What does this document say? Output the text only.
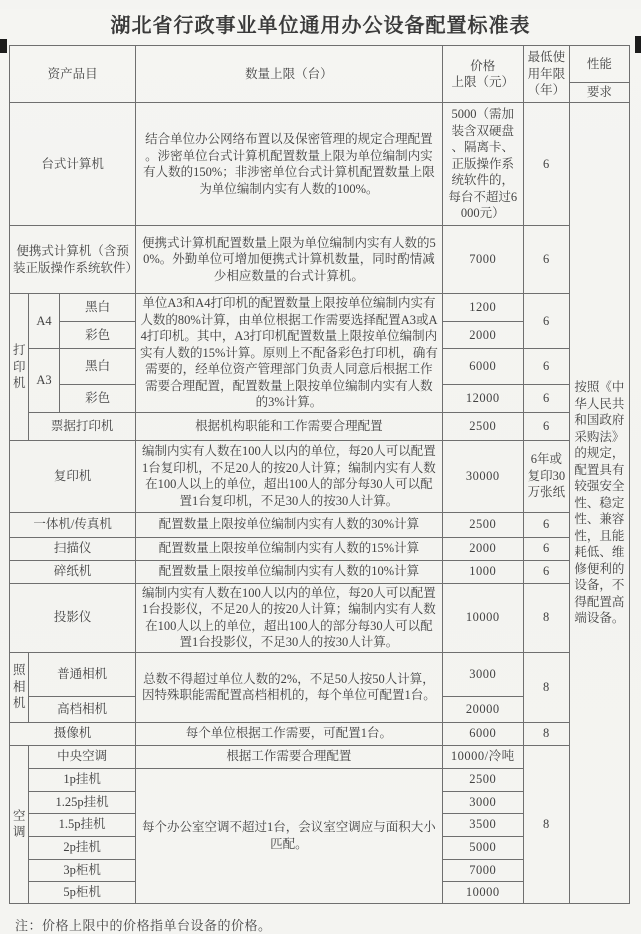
湖北省行政事业单位通用办公设备配置标准表
资产品目			数量上限（台）	价格
上限（元）	最低使用年限（年）	性能
						要求
台式计算机			结合单位办公网络布置以及保密管理的规定合理配置。涉密单位台式计算机配置数量上限为单位编制内实有人数的150%；非涉密单位台式计算机配置数量上限为单位编制内实有人数的100%。	5000（需加装含双硬盘、隔离卡、正版操作系统软件的，每台不超过6000元）	6	按照《中华人民共和国政府采购法》的规定，配置具有较强安全性、稳定性、兼容性，且能耗低、维修便利的设备，不得配置高端设备。
便携式计算机（含预装正版操作系统软件）			便携式计算机配置数量上限为单位编制内实有人数的50%。外勤单位可增加便携式计算机数量，同时酌情减少相应数量的台式计算机。	7000	6	
打印机	A4	黑白	单位A3和A4打印机的配置数量上限按单位编制内实有人数的80%计算，由单位根据工作需要选择配置A3或A4打印机。其中，A3打印机配置数量上限按单位编制内实有人数的15%计算。原则上不配备彩色打印机，确有需要的，经单位资产管理部门负责人同意后根据工作需要合理配置，配置数量上限按单位编制内实有人数的3%计算。	1200	6	
		彩色		2000		
	A3	黑白		6000	6	
		彩色		12000	6	
	票据打印机		根据机构职能和工作需要合理配置	2500	6	
复印机			编制内实有人数在100人以内的单位，每20人可以配置1台复印机，不足20人的按20人计算；编制内实有人数在100人以上的单位，超出100人的部分每30人可以配置1台复印机，不足30人的按30人计算。	30000	6年或复印30万张纸	
一体机/传真机			配置数量上限按单位编制内实有人数的30%计算	2500	6	
扫描仪			配置数量上限按单位编制内实有人数的15%计算	2000	6	
碎纸机			配置数量上限按单位编制内实有人数的10%计算	1000	6	
投影仪			编制内实有人数在100人以内的单位，每20人可以配置1台投影仪，不足20人的按20人计算；编制内实有人数在100人以上的单位，超出100人的部分每30人可以配置1台投影仪，不足30人的按30人计算。	10000	8	
照相机	普通相机		总数不得超过单位人数的2%，不足50人按50人计算，因特殊职能需配置高档相机的，每个单位可配置1台。	3000	8	
	高档相机			20000		
摄像机			每个单位根据工作需要，可配置1台。	6000	8	
空调	中央空调		根据工作需要合理配置	10000/冷吨	8	
	1p挂机		每个办公室空调不超过1台，会议室空调应与面积大小匹配。	2500		
	1.25p挂机			3000		
	1.5p挂机			3500		
	2p挂机			5000		
	3p柜机			7000		
	5p柜机			10000		
注：价格上限中的价格指单台设备的价格。
